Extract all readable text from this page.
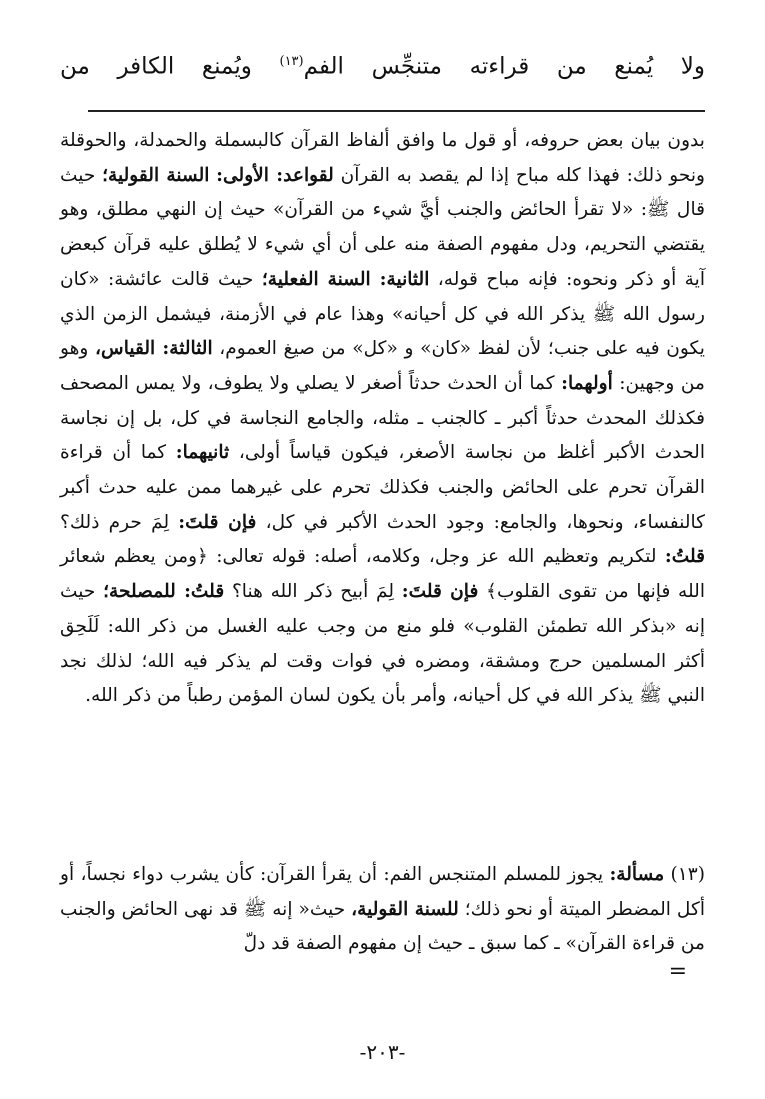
ولا يُمنع من قراءته متنجِّس الفم$^{(١٣)}$ ويُمنع الكافر من

بدون بيان بعض حروفه، أو قول ما وافق ألفاظ القرآن كالبسملة والحمدلة، والحوقلة ونحو ذلك: فهذا كله مباح إذا لم يقصد به القرآن لقواعد: الأولى: السنة القولية؛ حيث قال ﷺ: «لا تقرأ الحائض والجنب أيَّ شيء من القرآن» حيث إن النهي مطلق، وهو يقتضي التحريم، ودل مفهوم الصفة منه على أن أي شيء لا يُطلق عليه قرآن كبعض آية أو ذكر ونحوه: فإنه مباح قوله، الثانية: السنة الفعلية؛ حيث قالت عائشة: «كان رسول الله ﷺ يذكر الله في كل أحيانه» وهذا عام في الأزمنة، فيشمل الزمن الذي يكون فيه على جنب؛ لأن لفظ «كان» و «كل» من صيغ العموم، الثالثة: القياس، وهو من وجهين: أولهما: كما أن الحدث حدثاً أصغر لا يصلي ولا يطوف، ولا يمس المصحف فكذلك المحدث حدثاً أكبر ـ كالجنب ـ مثله، والجامع النجاسة في كل، بل إن نجاسة الحدث الأكبر أغلظ من نجاسة الأصغر، فيكون قياساً أولى، ثانيهما: كما أن قراءة القرآن تحرم على الحائض والجنب فكذلك تحرم على غيرهما ممن عليه حدث أكبر كالنفساء، ونحوها، والجامع: وجود الحدث الأكبر في كل، فإن قلتَ: لِمَ حرم ذلك؟ قلتُ: لتكريم وتعظيم الله عز وجل، وكلامه، أصله: قوله تعالى: ﴿ومن يعظم شعائر الله فإنها من تقوى القلوب﴾ فإن قلتَ: لِمَ أبيح ذكر الله هنا؟ قلتُ: للمصلحة؛ حيث إنه «بذكر الله تطمئن القلوب» فلو منع من وجب عليه الغسل من ذكر الله: لَلَحِق أكثر المسلمين حرج ومشقة، ومضره في فوات وقت لم يذكر فيه الله؛ لذلك نجد النبي ﷺ يذكر الله في كل أحيانه، وأمر بأن يكون لسان المؤمن رطباً من ذكر الله.

(١٣) مسألة: يجوز للمسلم المتنجس الفم: أن يقرأ القرآن: كأن يشرب دواء نجساً، أو أكل المضطر الميتة أو نحو ذلك؛ للسنة القولية، حيث« إنه ﷺ قد نهى الحائض والجنب من قراءة القرآن» ـ كما سبق ـ حيث إن مفهوم الصفة قد دلّ

=
-٢٠٣-
